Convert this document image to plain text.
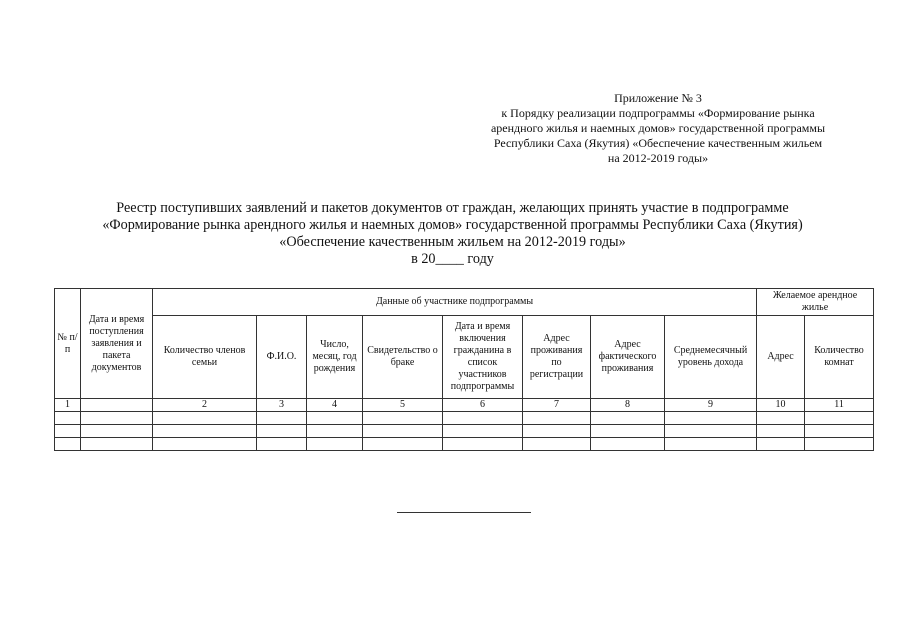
Приложение № 3
к Порядку реализации подпрограммы «Формирование рынка
арендного жилья и наемных домов» государственной программы
Республики Саха (Якутия) «Обеспечение качественным жильем
на 2012-2019 годы»
Реестр поступивших заявлений и пакетов документов от граждан, желающих принять участие в подпрограмме
«Формирование рынка арендного жилья и наемных домов» государственной программы Республики Саха (Якутия)
«Обеспечение качественным жильем на 2012-2019 годы»
в 20____ году
№ п/п	Дата и время поступления заявления и пакета документов	Данные об участнике подпрограммы								Желаемое арендное жилье	
		Количество членов семьи	Ф.И.О.	Число, месяц, год рождения	Свидетельство о браке	Дата и время включения гражданина в список участников подпрограммы	Адрес проживания по регистрации	Адрес фактического проживания	Среднемесячный уровень дохода	Адрес	Количество комнат
1		2	3	4	5	6	7	8	9	10	11
